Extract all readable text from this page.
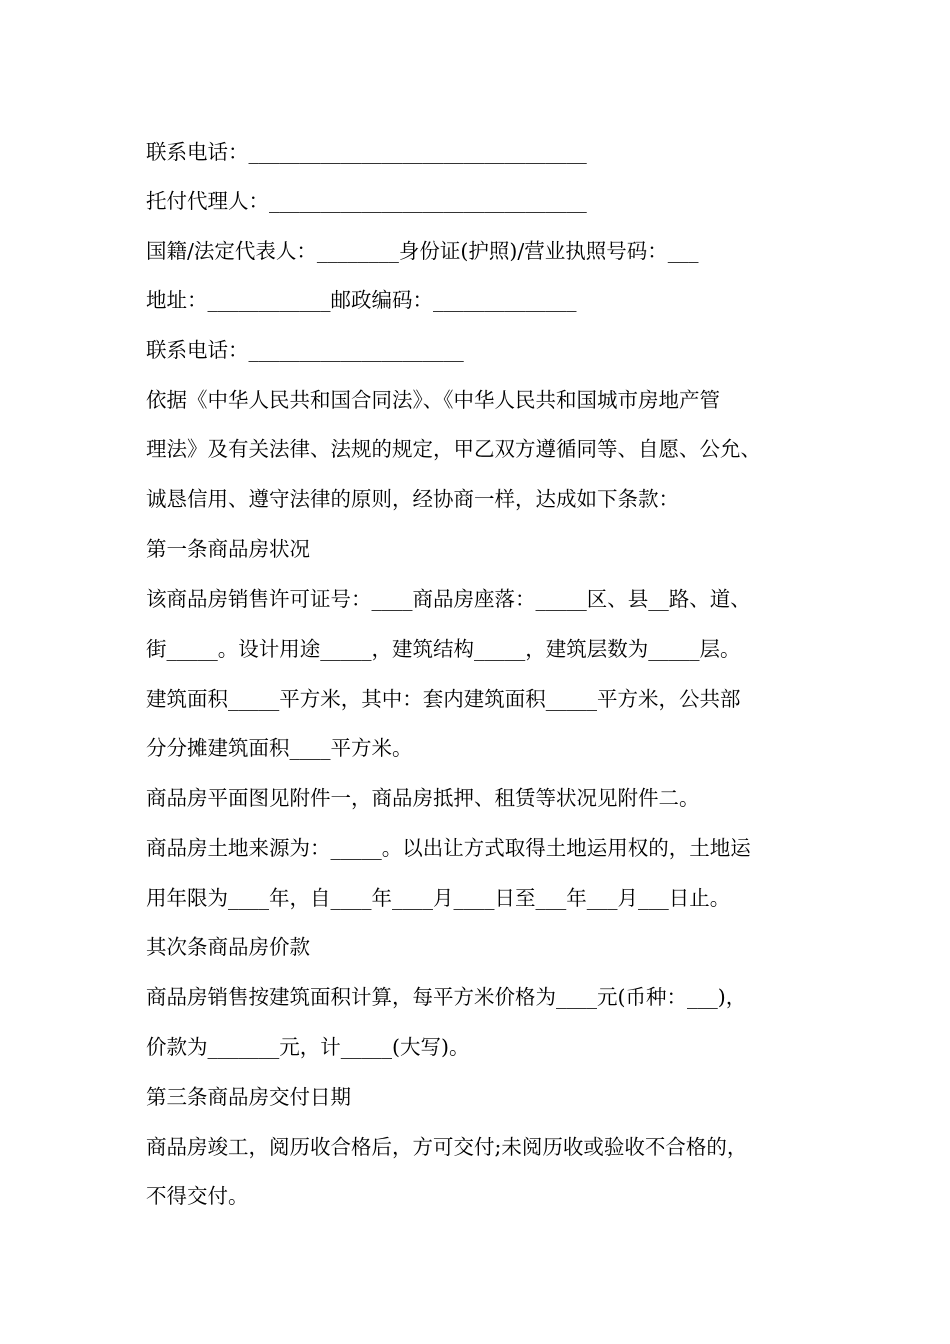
联系电话：_________________________________
托付代理人：_______________________________
国籍/法定代表人：________身份证(护照)/营业执照号码：___
地址：____________邮政编码：______________
联系电话：_____________________
依据《中华人民共和国合同法》、《中华人民共和国城市房地产管
理法》及有关法律、法规的规定，甲乙双方遵循同等、自愿、公允、
诚恳信用、遵守法律的原则，经协商一样，达成如下条款：
第一条商品房状况
该商品房销售许可证号：____商品房座落：_____区、县__路、道、
街_____。设计用途_____，建筑结构_____，建筑层数为_____层。
建筑面积_____平方米，其中：套内建筑面积_____平方米，公共部
分分摊建筑面积____平方米。
商品房平面图见附件一，商品房抵押、租赁等状况见附件二。
商品房土地来源为：_____。以出让方式取得土地运用权的，土地运
用年限为____年，自____年____月____日至___年___月___日止。
其次条商品房价款
商品房销售按建筑面积计算，每平方米价格为____元(币种：___)，
价款为_______元，计_____(大写)。
第三条商品房交付日期
商品房竣工，阅历收合格后，方可交付;未阅历收或验收不合格的，
不得交付。
